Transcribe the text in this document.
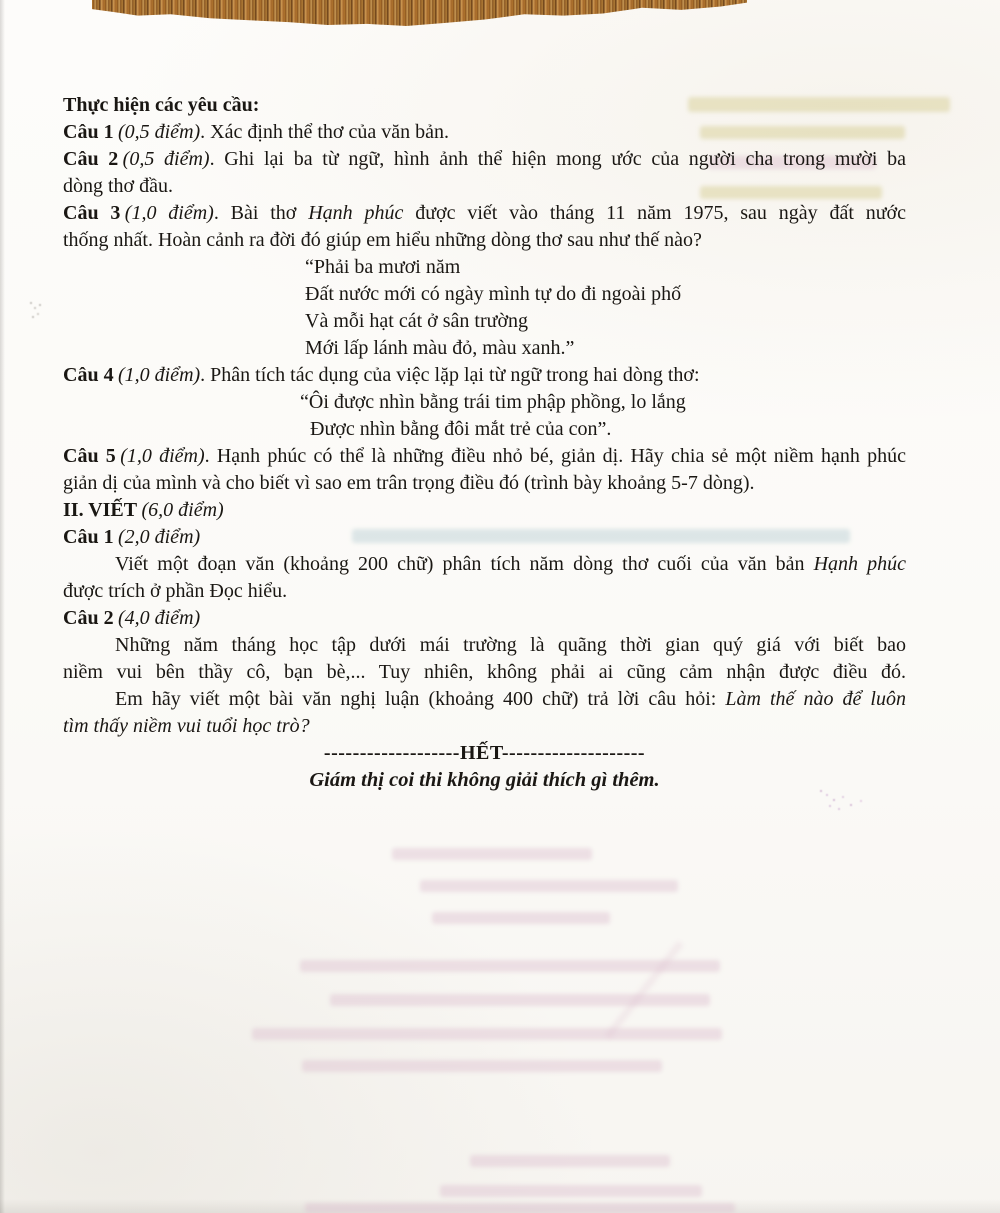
Thực hiện các yêu cầu:

Câu 1 (0,5 điểm). Xác định thể thơ của văn bản.

Câu 2 (0,5 điểm). Ghi lại ba từ ngữ, hình ảnh thể hiện mong ước của người cha trong mười ba

dòng thơ đầu.

Câu 3 (1,0 điểm). Bài thơ Hạnh phúc được viết vào tháng 11 năm 1975, sau ngày đất nước

thống nhất. Hoàn cảnh ra đời đó giúp em hiểu những dòng thơ sau như thế nào?

“Phải ba mươi năm

Đất nước mới có ngày mình tự do đi ngoài phố

Và mỗi hạt cát ở sân trường

Mới lấp lánh màu đỏ, màu xanh.”

Câu 4 (1,0 điểm). Phân tích tác dụng của việc lặp lại từ ngữ trong hai dòng thơ:

“Ôi được nhìn bằng trái tim phập phồng, lo lắng

Được nhìn bằng đôi mắt trẻ của con”.

Câu 5 (1,0 điểm). Hạnh phúc có thể là những điều nhỏ bé, giản dị. Hãy chia sẻ một niềm hạnh phúc

giản dị của mình và cho biết vì sao em trân trọng điều đó (trình bày khoảng 5-7 dòng).

II. VIẾT (6,0 điểm)

Câu 1 (2,0 điểm)

Viết một đoạn văn (khoảng 200 chữ) phân tích năm dòng thơ cuối của văn bản Hạnh phúc

được trích ở phần Đọc hiểu.

Câu 2 (4,0 điểm)

Những năm tháng học tập dưới mái trường là quãng thời gian quý giá với biết bao

niềm vui bên thầy cô, bạn bè,... Tuy nhiên, không phải ai cũng cảm nhận được điều đó.

Em hãy viết một bài văn nghị luận (khoảng 400 chữ) trả lời câu hỏi: Làm thế nào để luôn

tìm thấy niềm vui tuổi học trò?

-------------------HẾT--------------------

Giám thị coi thi không giải thích gì thêm.
